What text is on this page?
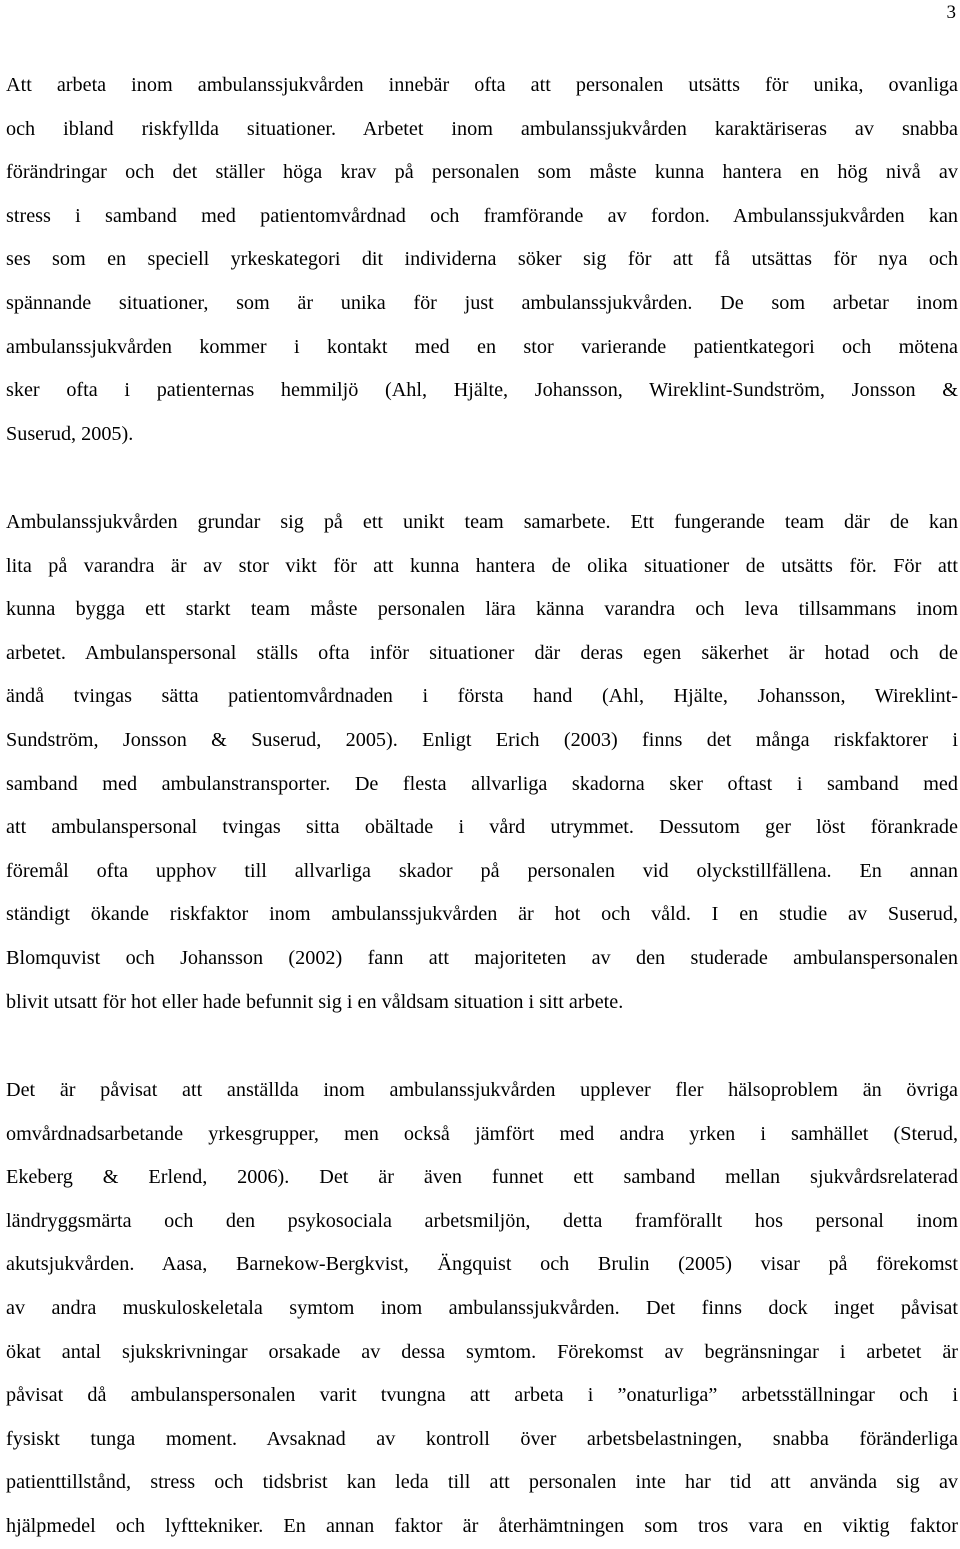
3
Att arbeta inom ambulanssjukvården innebär ofta att personalen utsätts för unika, ovanliga
och ibland riskfyllda situationer. Arbetet inom ambulanssjukvården karaktäriseras av snabba
förändringar och det ställer höga krav på personalen som måste kunna hantera en hög nivå av
stress i samband med patientomvårdnad och framförande av fordon. Ambulanssjukvården kan
ses som en speciell yrkeskategori dit individerna söker sig för att få utsättas för nya och
spännande situationer, som är unika för just ambulanssjukvården. De som arbetar inom
ambulanssjukvården kommer i kontakt med en stor varierande patientkategori och mötena
sker ofta i patienternas hemmiljö (Ahl, Hjälte, Johansson, Wireklint-Sundström, Jonsson &
Suserud, 2005).
Ambulanssjukvården grundar sig på ett unikt team samarbete. Ett fungerande team där de kan
lita på varandra är av stor vikt för att kunna hantera de olika situationer de utsätts för. För att
kunna bygga ett starkt team måste personalen lära känna varandra och leva tillsammans inom
arbetet. Ambulanspersonal ställs ofta inför situationer där deras egen säkerhet är hotad och de
ändå tvingas sätta patientomvårdnaden i första hand (Ahl, Hjälte, Johansson, Wireklint-
Sundström, Jonsson & Suserud, 2005). Enligt Erich (2003) finns det många riskfaktorer i
samband med ambulanstransporter. De flesta allvarliga skadorna sker oftast i samband med
att ambulanspersonal tvingas sitta obältade i vård utrymmet. Dessutom ger löst förankrade
föremål ofta upphov till allvarliga skador på personalen vid olyckstillfällena. En annan
ständigt ökande riskfaktor inom ambulanssjukvården är hot och våld. I en studie av Suserud,
Blomquvist och Johansson (2002) fann att majoriteten av den studerade ambulanspersonalen
blivit utsatt för hot eller hade befunnit sig i en våldsam situation i sitt arbete.
Det är påvisat att anställda inom ambulanssjukvården upplever fler hälsoproblem än övriga
omvårdnadsarbetande yrkesgrupper, men också jämfört med andra yrken i samhället (Sterud,
Ekeberg & Erlend, 2006). Det är även funnet ett samband mellan sjukvårdsrelaterad
ländryggsmärta och den psykosociala arbetsmiljön, detta framförallt hos personal inom
akutsjukvården. Aasa, Barnekow-Bergkvist, Ängquist och Brulin (2005) visar på förekomst
av andra muskuloskeletala symtom inom ambulanssjukvården. Det finns dock inget påvisat
ökat antal sjukskrivningar orsakade av dessa symtom. Förekomst av begränsningar i arbetet är
påvisat då ambulanspersonalen varit tvungna att arbeta i ”onaturliga” arbetsställningar och i
fysiskt tunga moment. Avsaknad av kontroll över arbetsbelastningen, snabba föränderliga
patienttillstånd, stress och tidsbrist kan leda till att personalen inte har tid att använda sig av
hjälpmedel och lyfttekniker. En annan faktor är återhämtningen som tros vara en viktig faktor
